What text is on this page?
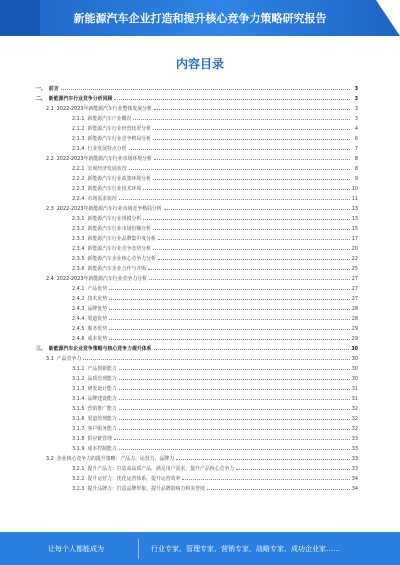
新能源汽车企业打造和提升核心竞争力策略研究报告
内容目录
一、 前言	3
二、 新能源汽车行业竞争分析回顾	3
2.1 2022-2023年新能源汽车行业整体发展分析	3
2.1.1 新能源汽车产业概况	3
2.1.2 新能源汽车行业经营状况分析	4
2.1.3 新能源汽车行业竞争格局分析	6
2.1.4 行业发展特点分析	7
2.2 2022-2023年新能源汽车行业市场环境分析	8
2.2.1 宏观经济发展状况	8
2.2.2 新能源汽车行业政策环境分析	9
2.2.3 新能源汽车行业技术环境	10
2.2.4 市场需求状况	11
2.3 2022-2023年新能源汽车行业市场竞争格局分析	13
2.3.1 新能源汽车行业规模分析	13
2.3.2 新能源汽车行业市场份额分析	15
2.3.3 新能源汽车行业品牌集中度分析	17
2.3.4 新能源汽车行业竞争态势分析	20
2.3.5 新能源汽车企业核心竞争力分析	22
2.3.6 新能源汽车企业合作与并购	25
2.4 2022-2023年新能源汽车行业竞争力分析	27
2.4.1 产品优势	27
2.4.2 技术优势	27
2.4.3 品牌优势	28
2.4.4 渠道优势	28
2.4.5 服务优势	29
2.4.6 成本优势	29
三、 新能源汽车企业竞争策略与核心竞争力提升体系	30
3.1 产品竞争力	30
3.1.1 产品创新能力	30
3.1.2 品质管理能力	30
3.1.3 研发设计能力	31
3.1.4 品牌建设能力	31
3.1.5 营销推广能力	32
3.1.6 渠道管理能力	32
3.1.7 客户服务能力	32
3.1.8 供应链管理	33
3.1.9 成本控制能力	33
3.2 企业核心竞争力的提升策略：产品力、运营力、品牌力	33
3.2.1 提升产品力：打造高品质产品，满足用户需求，提升产品核心竞争力	33
3.2.2 提升运营力：优化运营体系，提升运营效率	34
3.2.3 提升品牌力：打造品牌形象，提升品牌影响力和美誉度	34
让每个人都能成为	行业专家、管理专家、营销专家、战略专家、成功企业家……
